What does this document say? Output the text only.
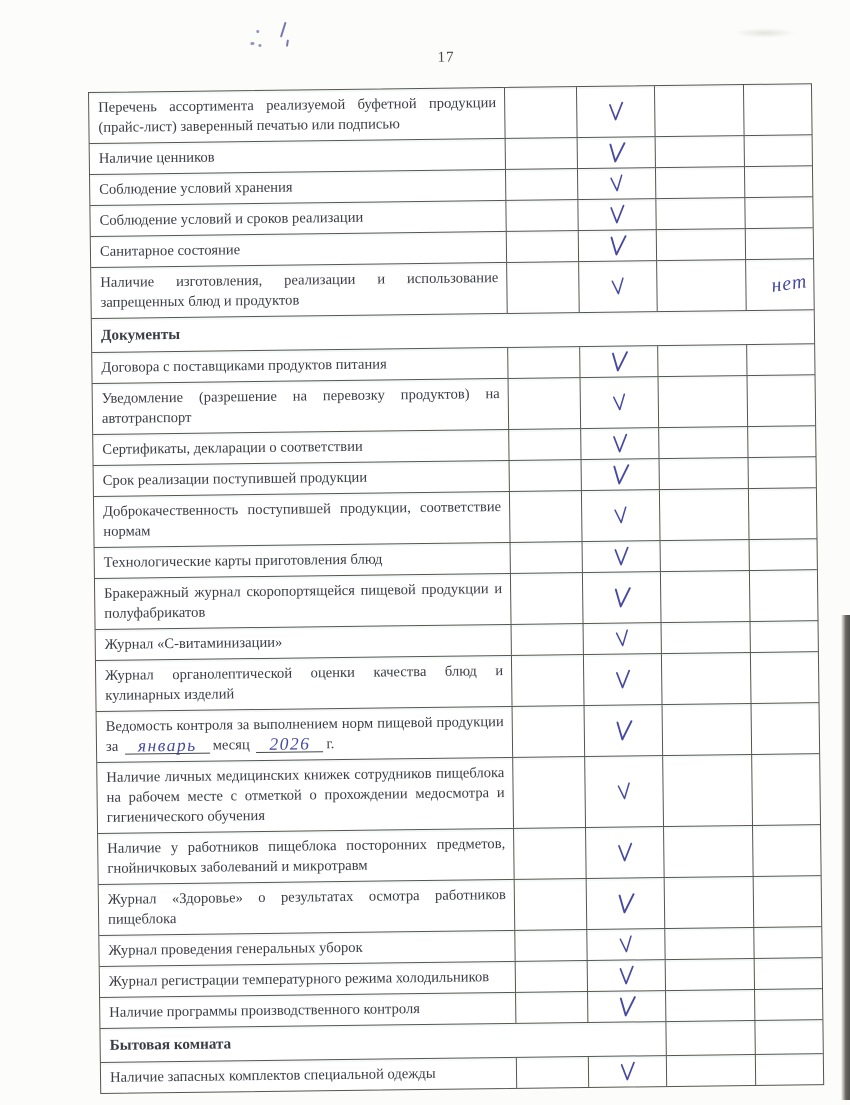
17
Перечень ассортимента реализуемой буфетной продукции (прайс-лист) заверенный печатью или подписью
Наличие ценников
Соблюдение условий хранения
Соблюдение условий и сроков реализации
Санитарное состояние
Наличие изготовления, реализации и использование запрещенных блюд и продуктов
нет
Документы
Договора с поставщиками продуктов питания
Уведомление (разрешение на перевозку продуктов) на автотранспорт
Сертификаты, декларации о соответствии
Срок реализации поступившей продукции
Доброкачественность поступившей продукции, соответствие нормам
Технологические карты приготовления блюд
Бракеражный журнал скоропортящейся пищевой продукции и полуфабрикатов
Журнал «С-витаминизации»
Журнал органолептической оценки качества блюд и кулинарных изделий
Ведомость контроля за выполнением норм пищевой продукции за январь месяц 2026 г.
Наличие личных медицинских книжек сотрудников пищеблока на рабочем месте с отметкой о прохождении медосмотра и гигиенического обучения
Наличие у работников пищеблока посторонних предметов, гнойничковых заболеваний и микротравм
Журнал «Здоровье» о результатах осмотра работников пищеблока
Журнал проведения генеральных уборок
Журнал регистрации температурного режима холодильников
Наличие программы производственного контроля
Бытовая комната
Наличие запасных комплектов специальной одежды
